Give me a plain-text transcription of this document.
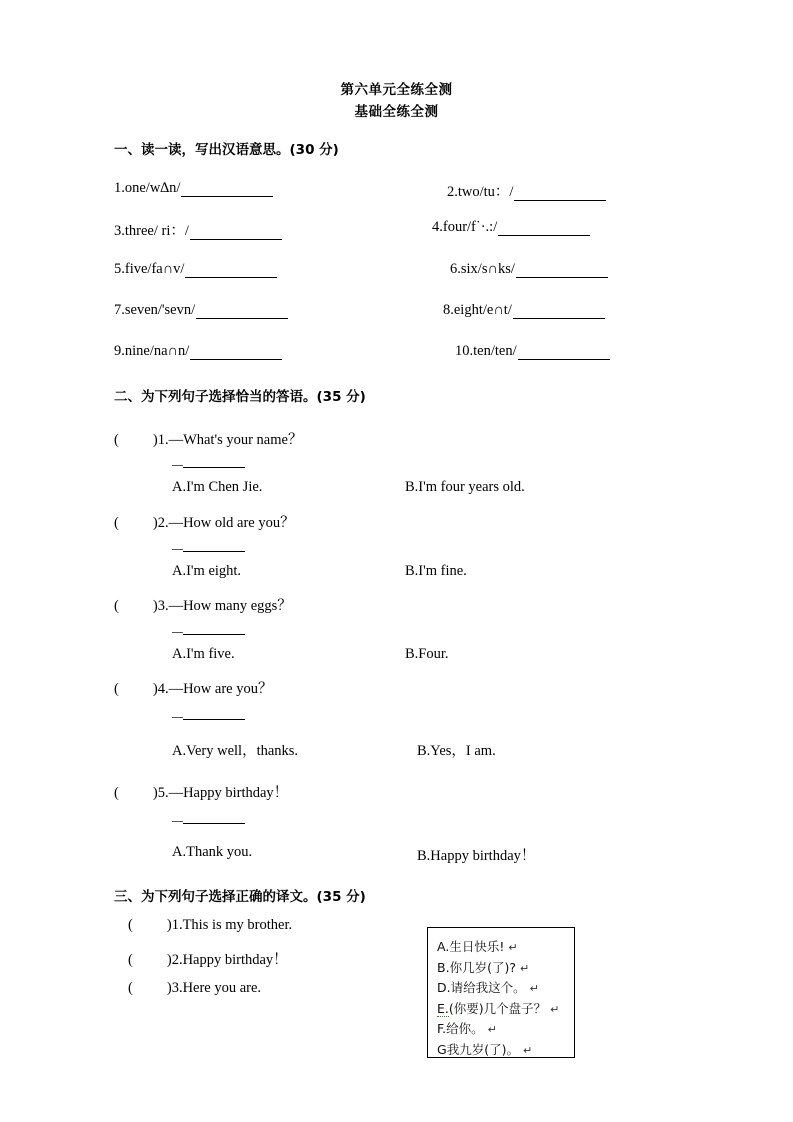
第六单元全练全测
基础全练全测
一、读一读，写出汉语意思。(30 分)
1.one/w∆n/	2.two/tu：/
3.three/ ri：/	4.four/f˙·.:/
5.five/fa∩v/	6.six/s∩ks/
7.seven/'sevn/	8.eight/e∩t/
9.nine/na∩n/	10.ten/ten/
二、为下列句子选择恰当的答语。(35 分)
( )1.—What's your name？
A.I'm Chen Jie.	B.I'm four years old.
( )2.—How old are you？
A.I'm eight.	B.I'm fine.
( )3.—How many eggs？
A.I'm five.	B.Four.
( )4.—How are you？
A.Very well，thanks.	B.Yes，I am.
( )5.—Happy birthday！
A.Thank you.	B.Happy birthday！
三、为下列句子选择正确的译文。(35 分)
( )1.This is my brother.
( )2.Happy birthday！
( )3.Here you are.
A.生日快乐! ↵
B.你几岁(了)? ↵
D.请给我这个。 ↵
E.(你要)几个盘子？ ↵
F.给你。 ↵
G我九岁(了)。 ↵
